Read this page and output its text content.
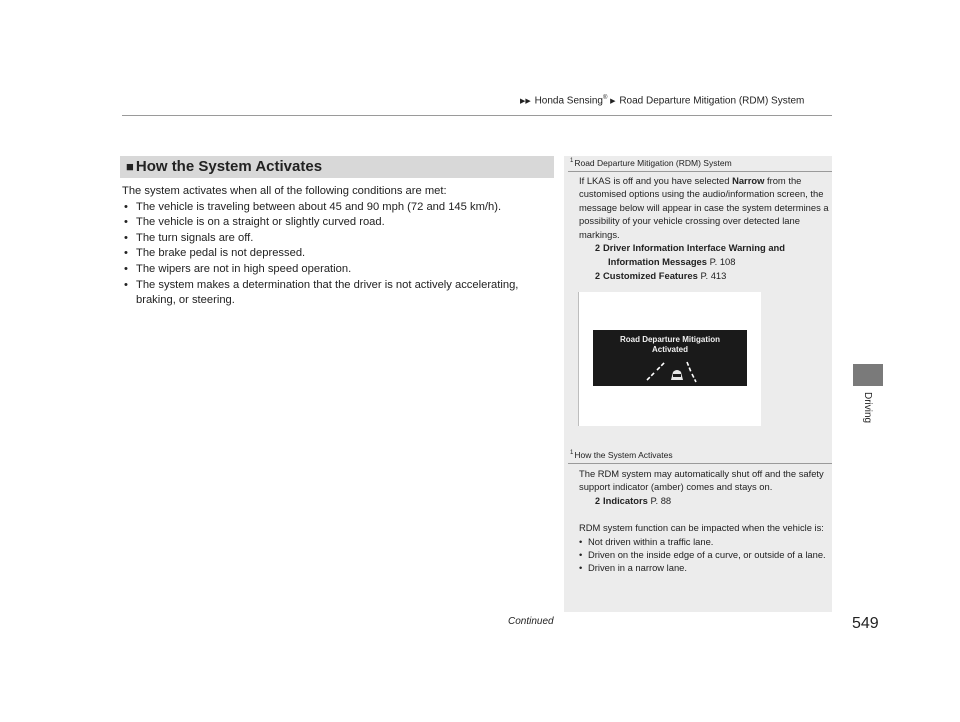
▶▶ Honda Sensing® ▶ Road Departure Mitigation (RDM) System
■ How the System Activates

The system activates when all of the following conditions are met:

• The vehicle is traveling between about 45 and 90 mph (72 and 145 km/h).
• The vehicle is on a straight or slightly curved road.
• The turn signals are off.
• The brake pedal is not depressed.
• The wipers are not in high speed operation.
• The system makes a determination that the driver is not actively accelerating, braking, or steering.
$^1$Road Departure Mitigation (RDM) System

If LKAS is off and you have selected Narrow from the customised options using the audio/information screen, the message below will appear in case the system determines a possibility of your vehicle crossing over detected lane markings.

2 Driver Information Interface Warning and
Information Messages P. 108
2 Customized Features P. 413
Road Departure Mitigation
Activated
$^1$How the System Activates

The RDM system may automatically shut off and the safety support indicator (amber) comes and stays on.

2 Indicators P. 88

RDM system function can be impacted when the vehicle is:

• Not driven within a traffic lane.
• Driven on the inside edge of a curve, or outside of a lane.
• Driven in a narrow lane.
Driving
Continued	549
